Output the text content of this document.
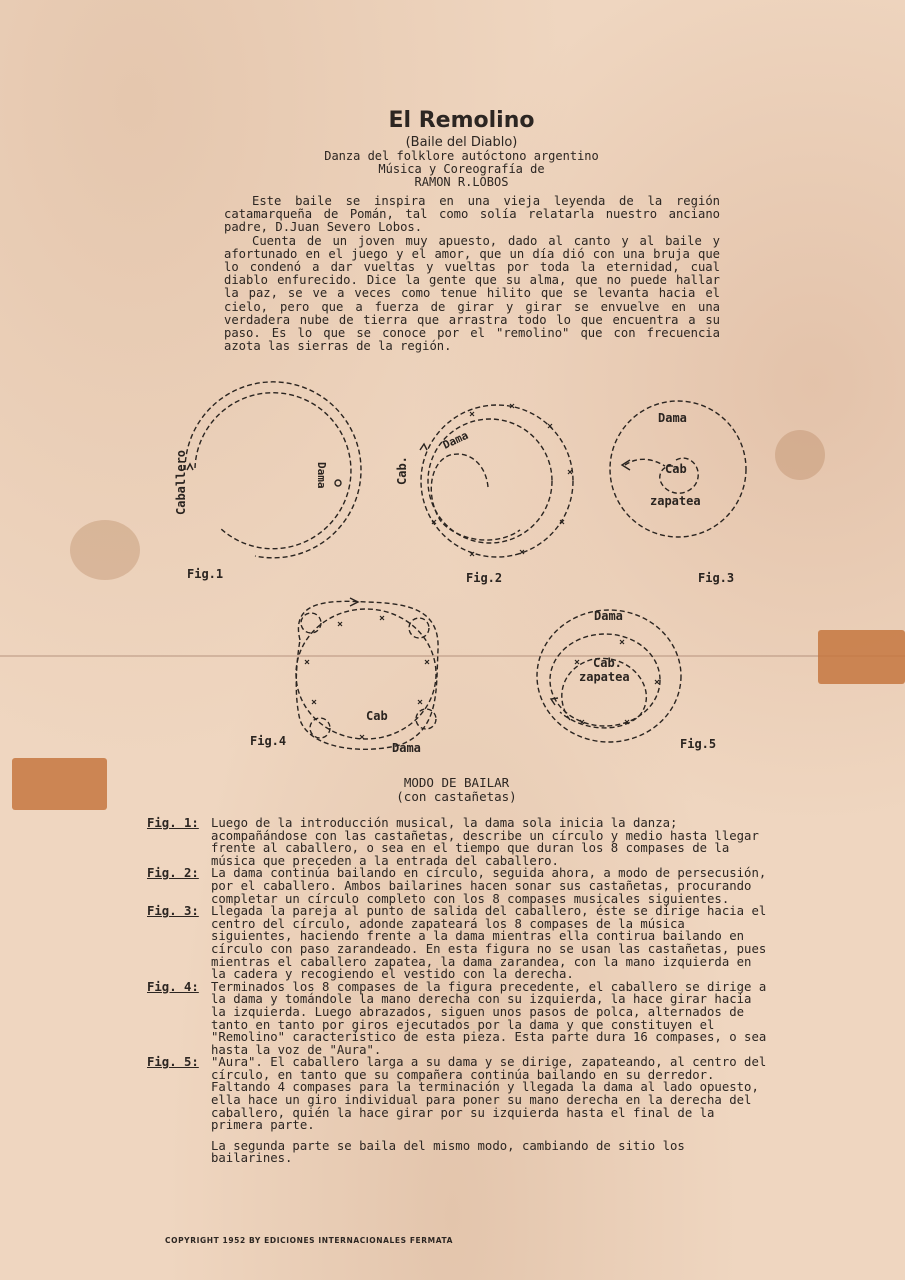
El Remolino
(Baile del Diablo)
Danza del folklore autóctono argentino
Música y Coreografía de
RAMON R.LOBOS

Este baile se inspira en una vieja leyenda de la región catamarqueña de Pomán, tal como solía relatarla nuestro anciano padre, D.Juan Severo Lobos.

Cuenta de un joven muy apuesto, dado al canto y al baile y afortunado en el juego y el amor, que un día dió con una bruja que lo condenó a dar vueltas y vueltas por toda la eternidad, cual diablo enfurecido. Dice la gente que su alma, que no puede hallar la paz, se ve a veces como tenue hilito que se levanta hacia el cielo, pero que a fuerza de girar y girar se envuelve en una verdadera nube de tierra que arrastra todo lo que encuentra a su paso. Es lo que se conoce por el "remolino" que con frecuencia azota las sierras de la región.

Fig.1
Caballero	Dama
Fig.2
Cab.
Dama
Fig.3
Dama
Cab
zapatea
Fig.4
Cab
Dama	Fig.5
Dama
Cab.
zapatea
MODO DE BAILAR
(con castañetas)
Fig. 1: Luego de la introducción musical, la dama sola inicia la danza; acompañándose con las castañetas, describe un círculo y medio hasta llegar frente al caballero, o sea en el tiempo que duran los 8 compases de la música que preceden a la entrada del caballero.
Fig. 2: La dama continúa bailando en círculo, seguida ahora, a modo de persecusión, por el caballero. Ambos bailarines hacen sonar sus castañetas, procurando completar un círculo completo con los 8 compases musicales siguientes.
Fig. 3: Llegada la pareja al punto de salida del caballero, éste se dirige hacia el centro del círculo, adonde zapateará los 8 compases de la música siguientes, haciendo frente a la dama mientras ella contirua bailando en círculo con paso zarandeado. En esta figura no se usan las castañetas, pues mientras el caballero zapatea, la dama zarandea, con la mano izquierda en la cadera y recogiendo el vestido con la derecha.
Fig. 4: Terminados los 8 compases de la figura precedente, el caballero se dirige a la dama y tomándole la mano derecha con su izquierda, la hace girar hacia la izquierda. Luego abrazados, siguen unos pasos de polca, alternados de tanto en tanto por giros ejecutados por la dama y que constituyen el "Remolino" característico de esta pieza. Esta parte dura 16 compases, o sea hasta la voz de "Aura".
Fig. 5: "Aura". El caballero larga a su dama y se dirige, zapateando, al centro del círculo, en tanto que su compañera continúa bailando en su derredor. Faltando 4 compases para la terminación y llegada la dama al lado opuesto, ella hace un giro individual para poner su mano derecha en la derecha del caballero, quién la hace girar por su izquierda hasta el final de la primera parte.
La segunda parte se baila del mismo modo, cambiando de sitio los bailarines.
COPYRIGHT 1952 BY EDICIONES INTERNACIONALES FERMATA
